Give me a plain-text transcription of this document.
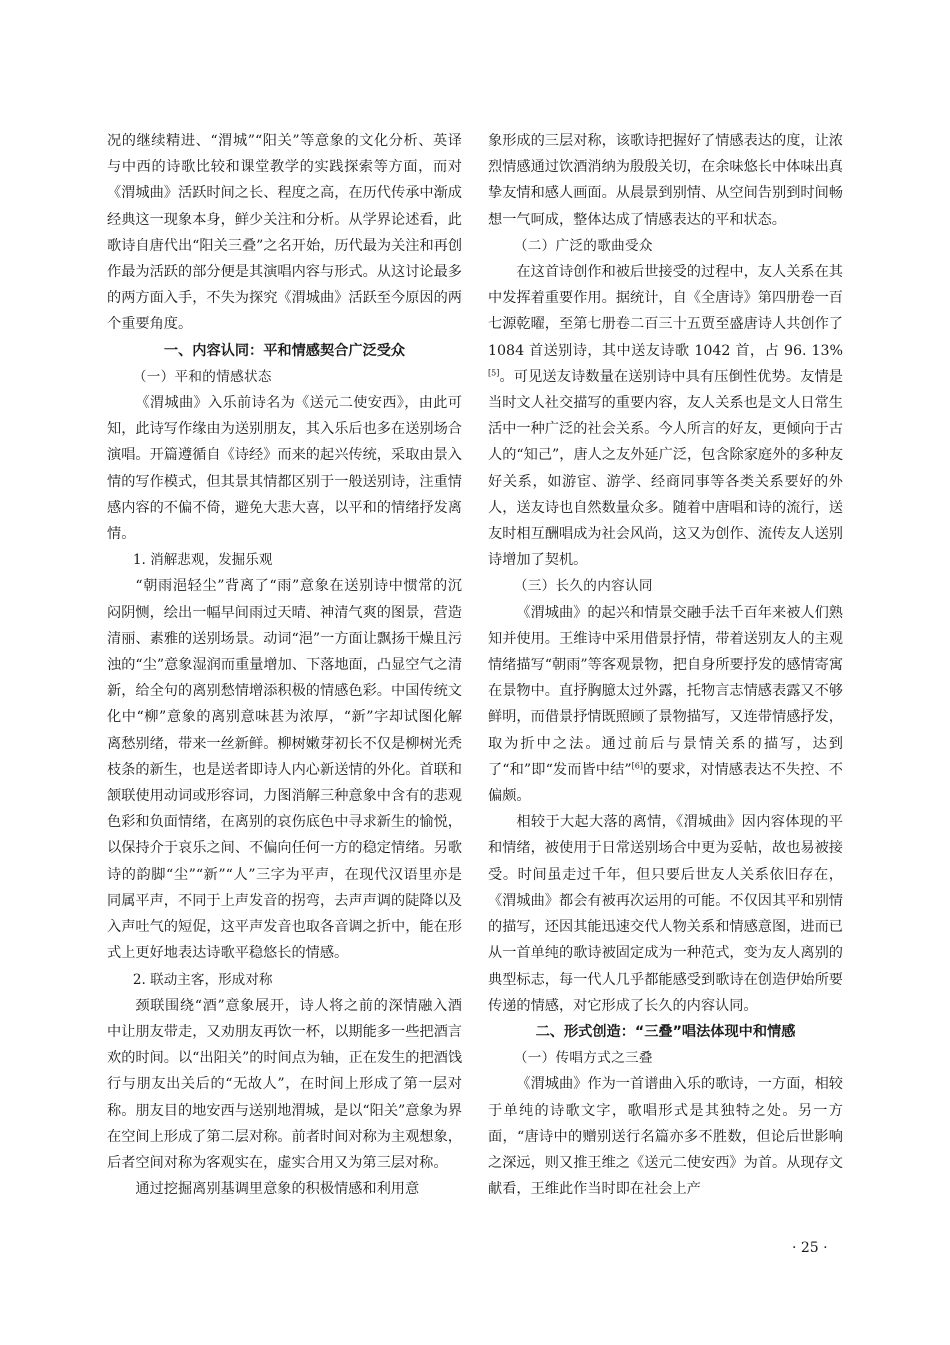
况的继续精进、“渭城”“阳关”等意象的文化分析、英译与中西的诗歌比较和课堂教学的实践探索等方面，而对《渭城曲》活跃时间之长、程度之高，在历代传承中渐成经典这一现象本身，鲜少关注和分析。从学界论述看，此歌诗自唐代出“阳关三叠”之名开始，历代最为关注和再创作最为活跃的部分便是其演唱内容与形式。从这讨论最多的两方面入手，不失为探究《渭城曲》活跃至今原因的两个重要角度。

一、内容认同：平和情感契合广泛受众
（一）平和的情感状态

《渭城曲》入乐前诗名为《送元二使安西》，由此可知，此诗写作缘由为送别朋友，其入乐后也多在送别场合演唱。开篇遵循自《诗经》而来的起兴传统，采取由景入情的写作模式，但其景其情都区别于一般送别诗，注重情感内容的不偏不倚，避免大悲大喜，以平和的情绪抒发离情。

1. 消解悲观，发掘乐观

“朝雨浥轻尘”背离了“雨”意象在送别诗中惯常的沉闷阴恻，绘出一幅早间雨过天晴、神清气爽的图景，营造清丽、素雅的送别场景。动词“浥”一方面让飘扬干燥且污浊的“尘”意象湿润而重量增加、下落地面，凸显空气之清新，给全句的离别愁情增添积极的情感色彩。中国传统文化中“柳”意象的离别意味甚为浓厚，“新”字却试图化解离愁别绪，带来一丝新鲜。柳树嫩芽初长不仅是柳树光秃枝条的新生，也是送者即诗人内心新送情的外化。首联和颔联使用动词或形容词，力图消解三种意象中含有的悲观色彩和负面情绪，在离别的哀伤底色中寻求新生的愉悦，以保持介于哀乐之间、不偏向任何一方的稳定情绪。另歌诗的韵脚“尘”“新”“人”三字为平声，在现代汉语里亦是同属平声，不同于上声发音的拐弯，去声声调的陡降以及入声吐气的短促，这平声发音也取各音调之折中，能在形式上更好地表达诗歌平稳悠长的情感。

2. 联动主客，形成对称

颈联围绕“酒”意象展开，诗人将之前的深情融入酒中让朋友带走，又劝朋友再饮一杯，以期能多一些把酒言欢的时间。以“出阳关”的时间点为轴，正在发生的把酒饯行与朋友出关后的“无故人”，在时间上形成了第一层对称。朋友目的地安西与送别地渭城，是以“阳关”意象为界在空间上形成了第二层对称。前者时间对称为主观想象，后者空间对称为客观实在，虚实合用又为第三层对称。

通过挖掘离别基调里意象的积极情感和利用意

象形成的三层对称，该歌诗把握好了情感表达的度，让浓烈情感通过饮酒消纳为殷殷关切，在余味悠长中体味出真挚友情和感人画面。从晨景到别情、从空间告别到时间畅想一气呵成，整体达成了情感表达的平和状态。

（二）广泛的歌曲受众

在这首诗创作和被后世接受的过程中，友人关系在其中发挥着重要作用。据统计，自《全唐诗》第四册卷一百七源乾曜，至第七册卷二百三十五贾至盛唐诗人共创作了 1084 首送别诗，其中送友诗歌 1042 首，占 96. 13%[5]。可见送友诗数量在送别诗中具有压倒性优势。友情是当时文人社交描写的重要内容，友人关系也是文人日常生活中一种广泛的社会关系。今人所言的好友，更倾向于古人的“知己”，唐人之友外延广泛，包含除家庭外的多种友好关系，如游宦、游学、经商同事等各类关系要好的外人，送友诗也自然数量众多。随着中唐唱和诗的流行，送友时相互酬唱成为社会风尚，这又为创作、流传友人送别诗增加了契机。

（三）长久的内容认同

《渭城曲》的起兴和情景交融手法千百年来被人们熟知并使用。王维诗中采用借景抒情，带着送别友人的主观情绪描写“朝雨”等客观景物，把自身所要抒发的感情寄寓在景物中。直抒胸臆太过外露，托物言志情感表露又不够鲜明，而借景抒情既照顾了景物描写，又连带情感抒发，取为折中之法。通过前后与景情关系的描写，达到了“和”即“发而皆中结”[6]的要求，对情感表达不失控、不偏颇。

相较于大起大落的离情，《渭城曲》因内容体现的平和情绪，被使用于日常送别场合中更为妥帖，故也易被接受。时间虽走过千年，但只要后世友人关系依旧存在，《渭城曲》都会有被再次运用的可能。不仅因其平和别情的描写，还因其能迅速交代人物关系和情感意图，进而已从一首单纯的歌诗被固定成为一种范式，变为友人离别的典型标志，每一代人几乎都能感受到歌诗在创造伊始所要传递的情感，对它形成了长久的内容认同。

二、形式创造：“三叠”唱法体现中和情感
（一）传唱方式之三叠

《渭城曲》作为一首谱曲入乐的歌诗，一方面，相较于单纯的诗歌文字，歌唱形式是其独特之处。另一方面，“唐诗中的赠别送行名篇亦多不胜数，但论后世影响之深远，则又推王维之《送元二使安西》为首。从现存文献看，王维此作当时即在社会上产

· 25 ·
